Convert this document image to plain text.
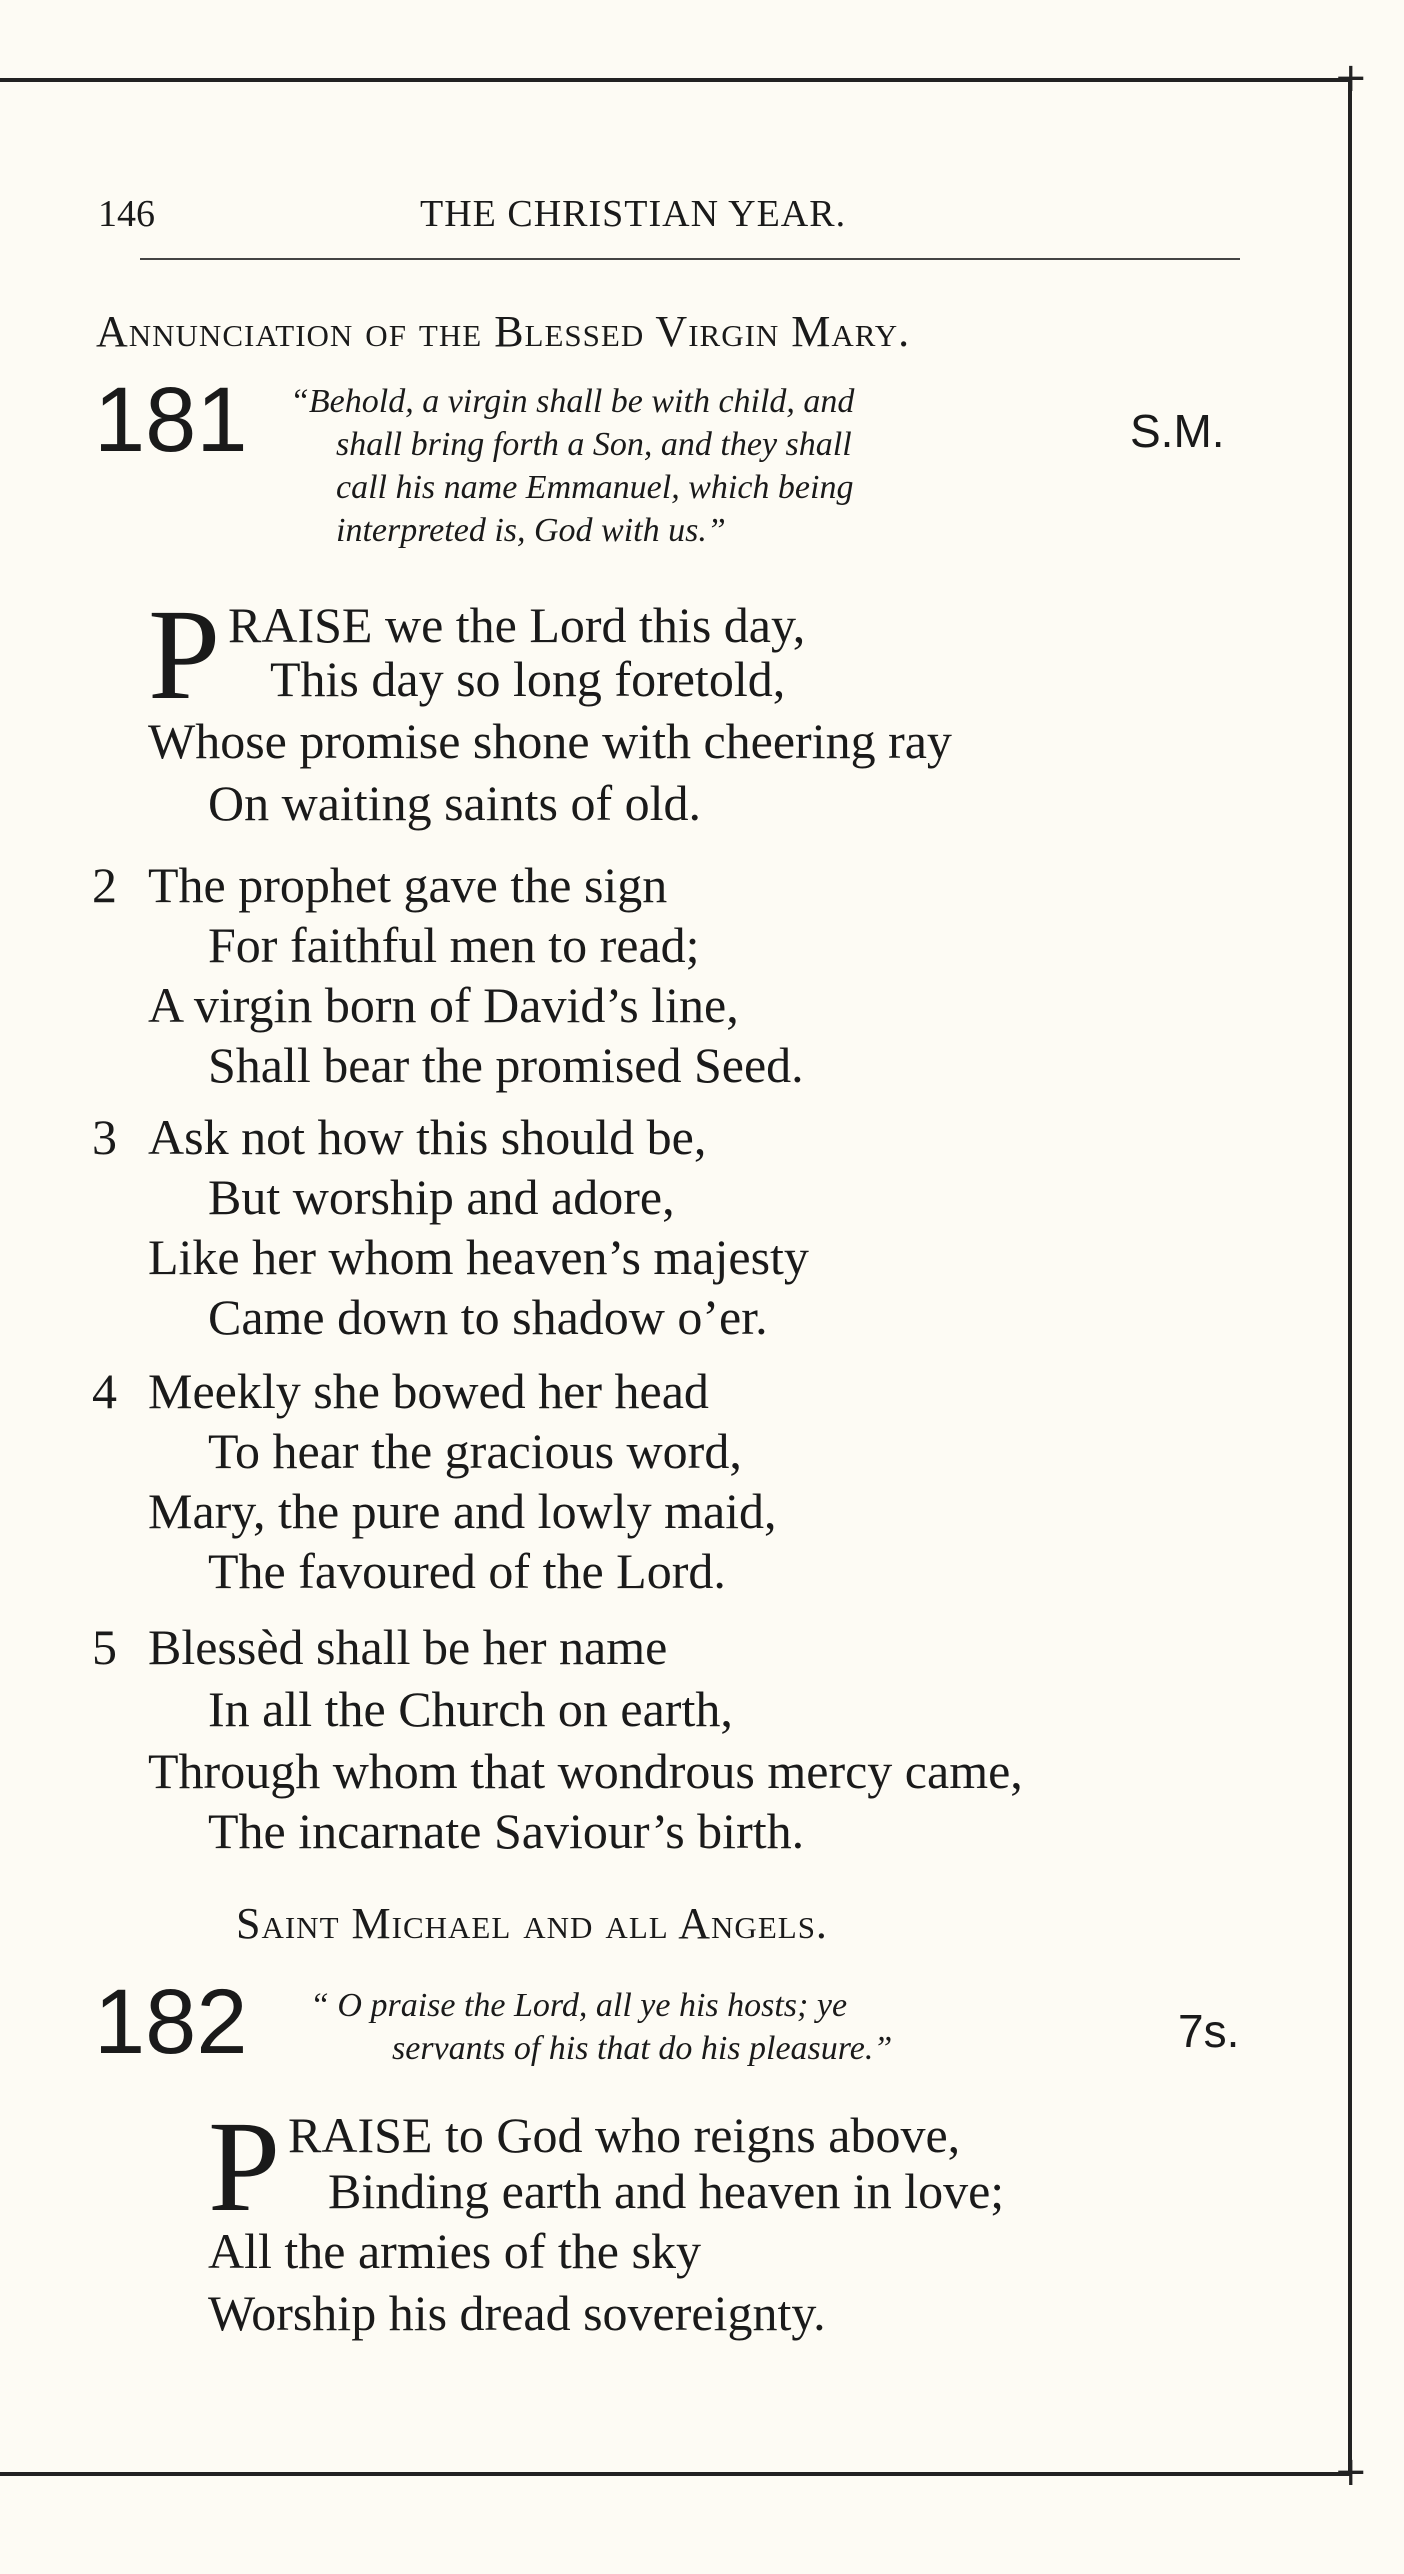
+
+
146	THE CHRISTIAN YEAR.
Annunciation of the Blessed Virgin Mary.
181 “Behold, a virgin shall be with child, and
shall bring forth a Son, and they shall
call his name Emmanuel, which being
interpreted is, God with us.”
S.M.
P RAISE we the Lord this day,
This day so long foretold,
Whose promise shone with cheering ray
On waiting saints of old.
2 The prophet gave the sign
For faithful men to read;
A virgin born of David’s line,
Shall bear the promised Seed.
3 Ask not how this should be,
But worship and adore,
Like her whom heaven’s majesty
Came down to shadow o’er.
4 Meekly she bowed her head
To hear the gracious word,
Mary, the pure and lowly maid,
The favoured of the Lord.
5 Blessèd shall be her name
In all the Church on earth,
Through whom that wondrous mercy came,
The incarnate Saviour’s birth.
Saint Michael and all Angels.
182 “ O praise the Lord, all ye his hosts; ye
servants of his that do his pleasure.”	7s.
P RAISE to God who reigns above,
Binding earth and heaven in love;
All the armies of the sky
Worship his dread sovereignty.
